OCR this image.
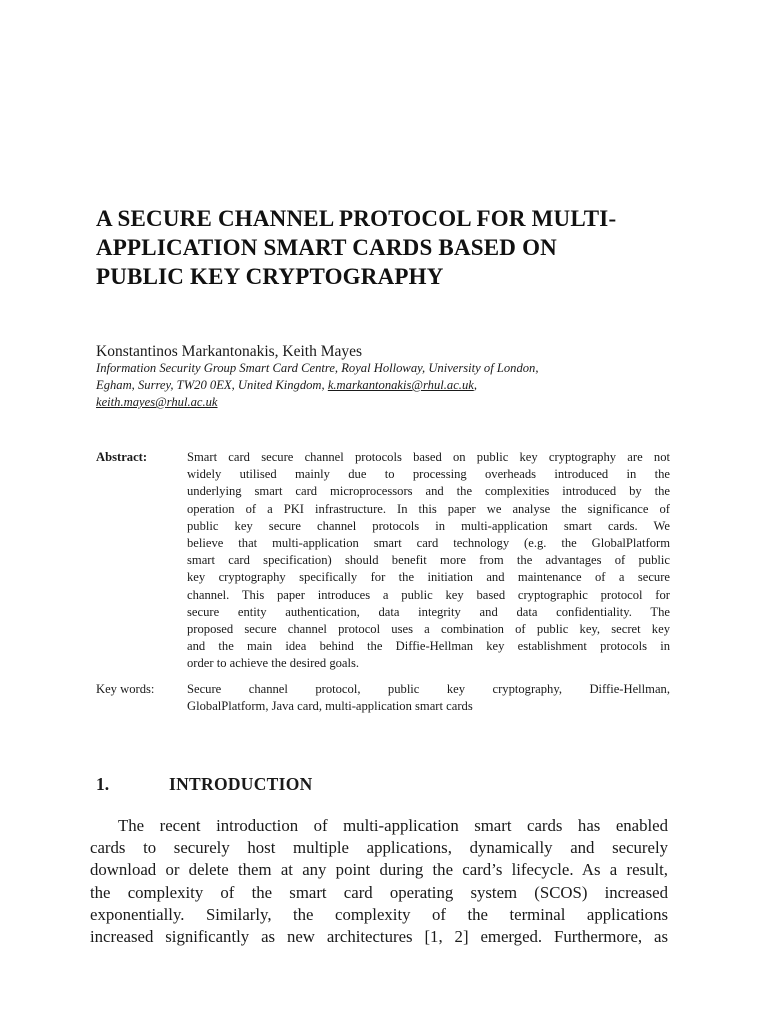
A SECURE CHANNEL PROTOCOL FOR MULTI-
APPLICATION SMART CARDS BASED ON
PUBLIC KEY CRYPTOGRAPHY

Konstantinos Markantonakis, Keith Mayes

Information Security Group Smart Card Centre, Royal Holloway, University of London,
Egham, Surrey, TW20 0EX, United Kingdom, k.markantonakis@rhul.ac.uk,
keith.mayes@rhul.ac.uk
Abstract:	Smart card secure channel protocols based on public key cryptography are not
widely utilised mainly due to processing overheads introduced in the
underlying smart card microprocessors and the complexities introduced by the
operation of a PKI infrastructure. In this paper we analyse the significance of
public key secure channel protocols in multi-application smart cards. We
believe that multi-application smart card technology (e.g. the GlobalPlatform
smart card specification) should benefit more from the advantages of public
key cryptography specifically for the initiation and maintenance of a secure
channel. This paper introduces a public key based cryptographic protocol for
secure entity authentication, data integrity and data confidentiality. The
proposed secure channel protocol uses a combination of public key, secret key
and the main idea behind the Diffie-Hellman key establishment protocols in
order to achieve the desired goals.

Key words:	Secure channel protocol, public key cryptography, Diffie-Hellman,
GlobalPlatform, Java card, multi-application smart cards

1.	INTRODUCTION

The recent introduction of multi-application smart cards has enabled
cards to securely host multiple applications, dynamically and securely
download or delete them at any point during the card’s lifecycle. As a result,
the complexity of the smart card operating system (SCOS) increased
exponentially. Similarly, the complexity of the terminal applications
increased significantly as new architectures [1, 2] emerged. Furthermore, as
